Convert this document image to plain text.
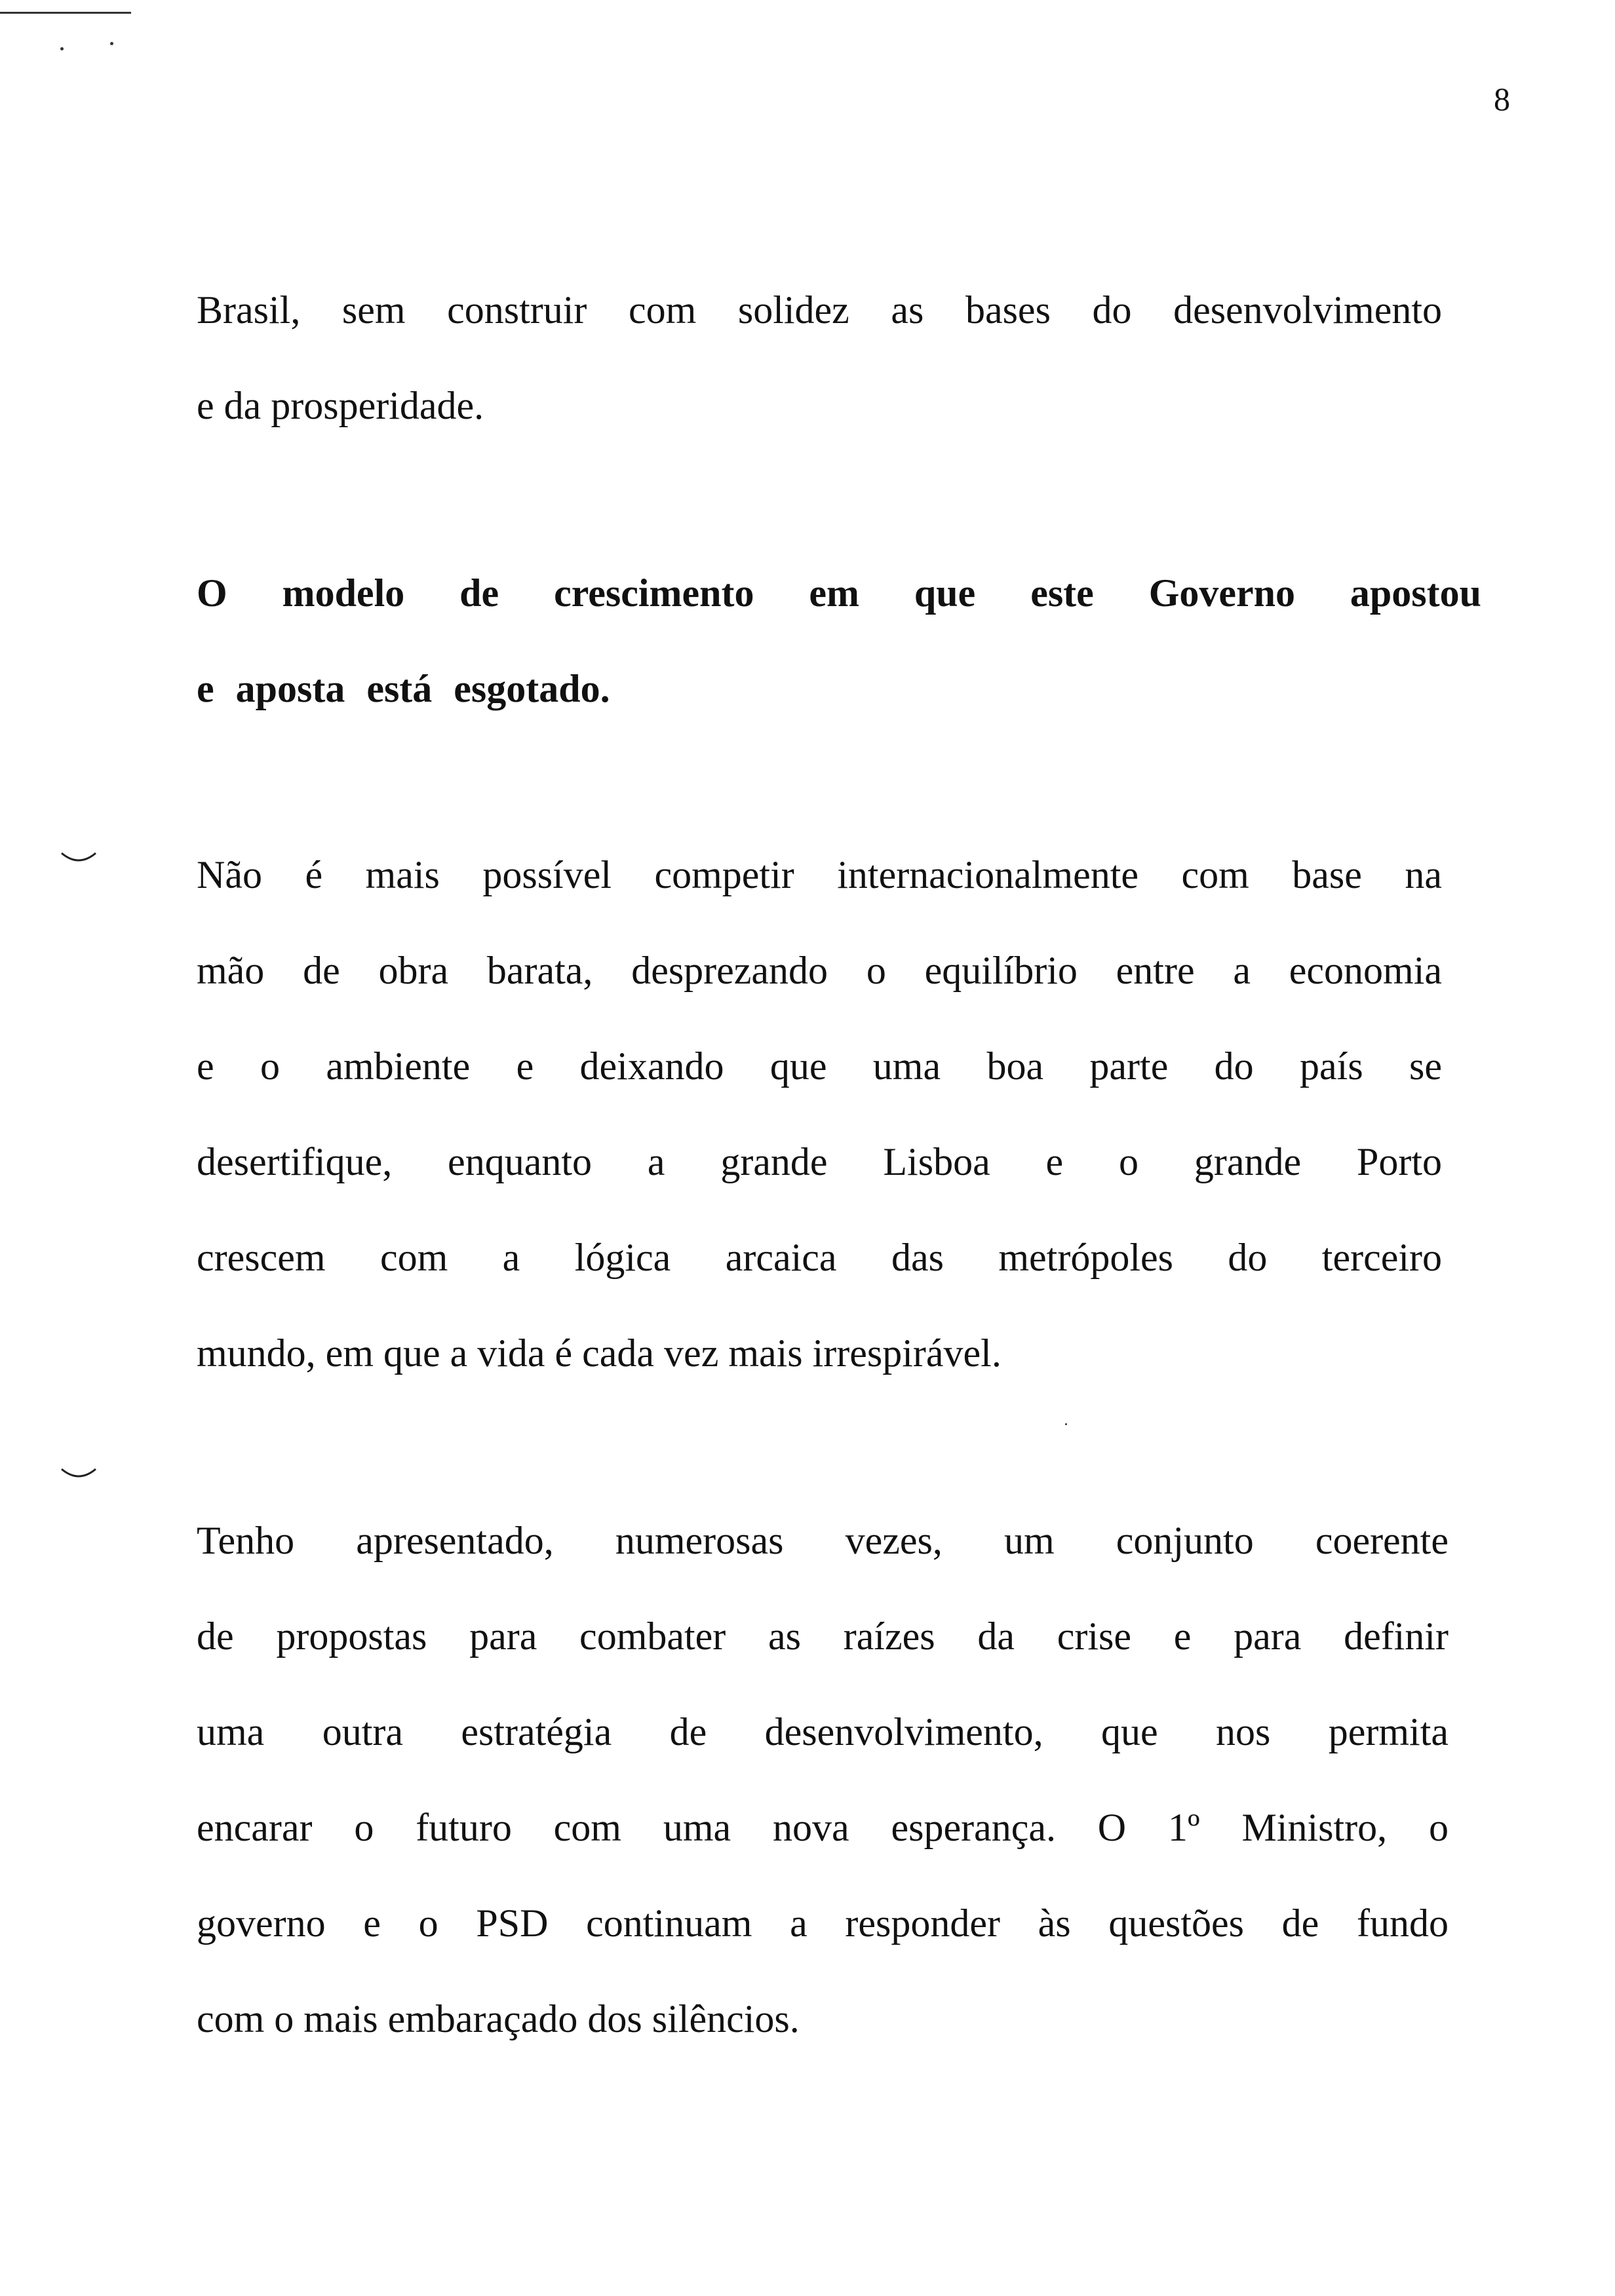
8
Brasil, sem construir com solidez as bases do desenvolvimento
e da prosperidade.
O modelo de crescimento em que este Governo apostou
e aposta está esgotado.
Não é mais possível competir internacionalmente com base na
mão de obra barata, desprezando o equilíbrio entre a economia
e o ambiente e deixando que uma boa parte do país se
desertifique, enquanto a grande Lisboa e o grande Porto
crescem com a lógica arcaica das metrópoles do terceiro
mundo, em que a vida é cada vez mais irrespirável.
Tenho apresentado, numerosas vezes, um conjunto coerente
de propostas para combater as raízes da crise e para definir
uma outra estratégia de desenvolvimento, que nos permita
encarar o futuro com uma nova esperança. O 1º Ministro, o
governo e o PSD continuam a responder às questões de fundo
com o mais embaraçado dos silêncios.
